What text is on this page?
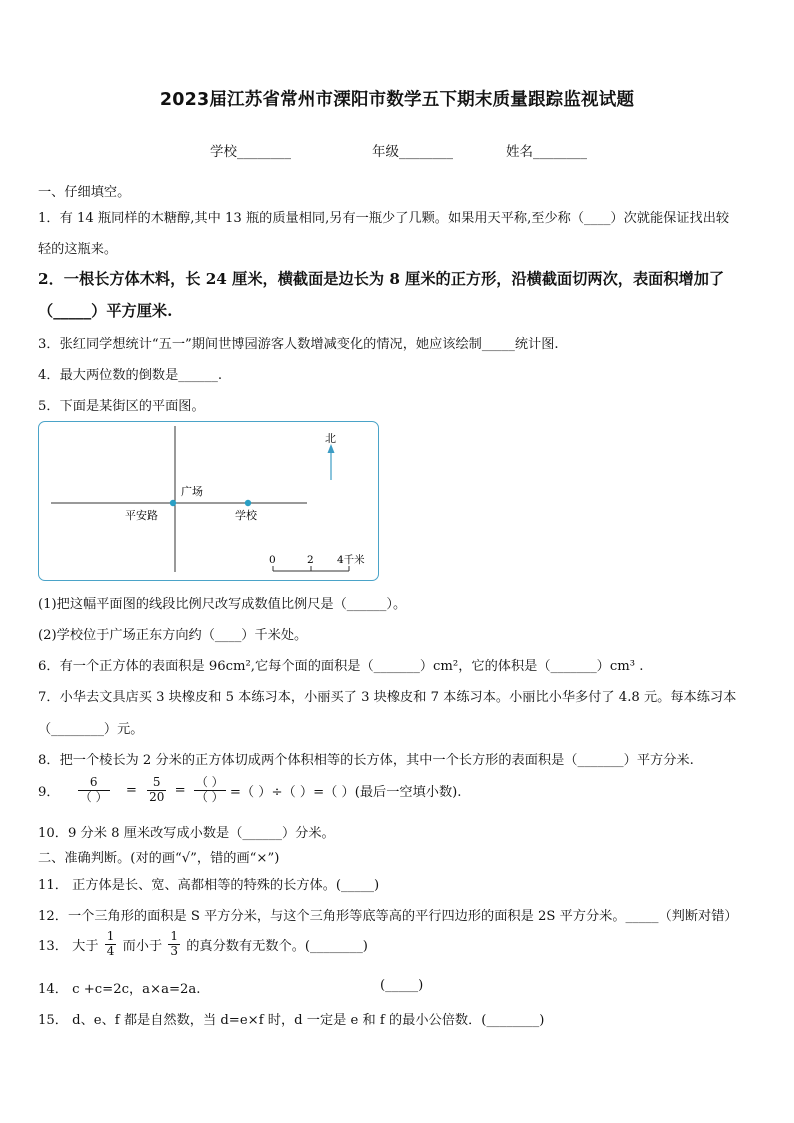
2023届江苏省常州市溧阳市数学五下期末质量跟踪监视试题
学校________	年级________	姓名________
一、仔细填空。
1．有 14 瓶同样的木糖醇,其中 13 瓶的质量相同,另有一瓶少了几颗。如果用天平称,至少称（____）次就能保证找出较
轻的这瓶来。
2．一根长方体木料，长 24 厘米，横截面是边长为 8 厘米的正方形，沿横截面切两次，表面积增加了
（_____）平方厘米.
3．张红同学想统计“五一”期间世博园游客人数增减变化的情况，她应该绘制_____统计图.
4．最大两位数的倒数是______.
5．下面是某街区的平面图。
北
广场
平安路	学校
0	2 4千米
(1)把这幅平面图的线段比例尺改写成数值比例尺是（______）。
(2)学校位于广场正东方向约（____）千米处。
6．有一个正方体的表面积是 96cm²,它每个面的面积是（_______）cm²，它的体积是（_______）cm³ .
7．小华去文具店买 3 块橡皮和 5 本练习本，小丽买了 3 块橡皮和 7 本练习本。小丽比小华多付了 4.8 元。每本练习本
（________）元。
8．把一个棱长为 2 分米的正方体切成两个体积相等的长方体，其中一个长方形的表面积是（_______）平方分米.
9． $\frac{6}{( )} = \frac{5}{20} = \frac{( )}{( )}$ =（ ）÷（ ）=（ ）(最后一空填小数).
10．9 分米 8 厘米改写成小数是（______）分米。
二、准确判断。(对的画“√”，错的画“×”)
11． 正方体是长、宽、高都相等的特殊的长方体。(_____)
12．一个三角形的面积是 S 平方分米，与这个三角形等底等高的平行四边形的面积是 2S 平方分米。_____（判断对错）
13． 大于 $\frac{1}{4}$ 而小于 $\frac{1}{3}$ 的真分数有无数个。(________)
14． c +c=2c，a×a=2a.	(_____)
15． d、e、f 都是自然数，当 d=e×f 时，d 一定是 e 和 f 的最小公倍数．(________)
